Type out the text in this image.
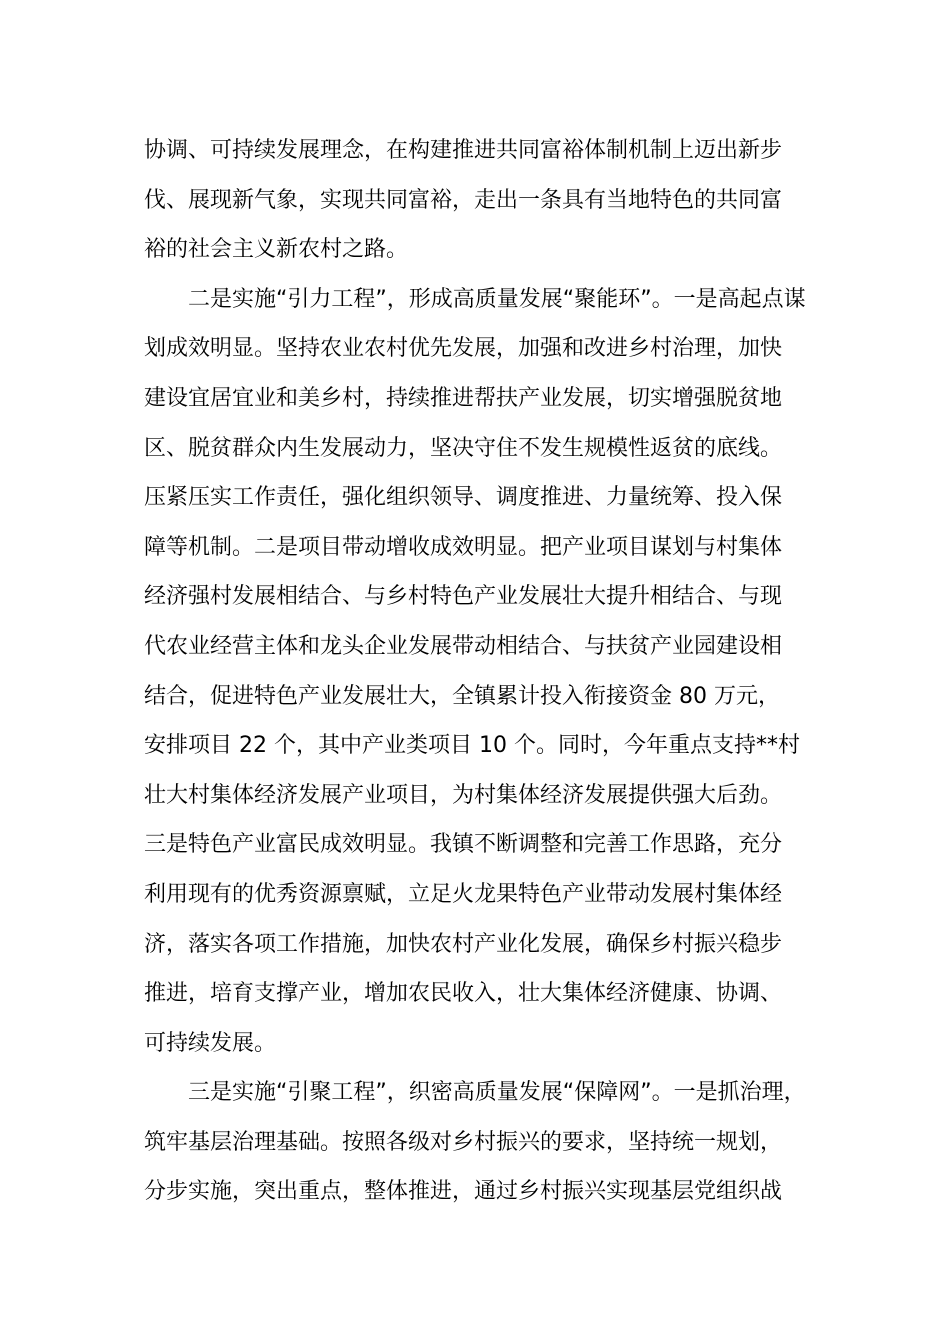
协调、可持续发展理念，在构建推进共同富裕体制机制上迈出新步
伐、展现新气象，实现共同富裕，走出一条具有当地特色的共同富
裕的社会主义新农村之路。
二是实施“引力工程”，形成高质量发展“聚能环”。一是高起点谋
划成效明显。坚持农业农村优先发展，加强和改进乡村治理，加快
建设宜居宜业和美乡村，持续推进帮扶产业发展，切实增强脱贫地
区、脱贫群众内生发展动力，坚决守住不发生规模性返贫的底线。
压紧压实工作责任，强化组织领导、调度推进、力量统筹、投入保
障等机制。二是项目带动增收成效明显。把产业项目谋划与村集体
经济强村发展相结合、与乡村特色产业发展壮大提升相结合、与现
代农业经营主体和龙头企业发展带动相结合、与扶贫产业园建设相
结合，促进特色产业发展壮大，全镇累计投入衔接资金 80 万元，
安排项目 22 个，其中产业类项目 10 个。同时，今年重点支持**村
壮大村集体经济发展产业项目，为村集体经济发展提供强大后劲。
三是特色产业富民成效明显。我镇不断调整和完善工作思路，充分
利用现有的优秀资源禀赋，立足火龙果特色产业带动发展村集体经
济，落实各项工作措施，加快农村产业化发展，确保乡村振兴稳步
推进，培育支撑产业，增加农民收入，壮大集体经济健康、协调、
可持续发展。
三是实施“引聚工程”，织密高质量发展“保障网”。一是抓治理，
筑牢基层治理基础。按照各级对乡村振兴的要求，坚持统一规划，
分步实施，突出重点，整体推进，通过乡村振兴实现基层党组织战
